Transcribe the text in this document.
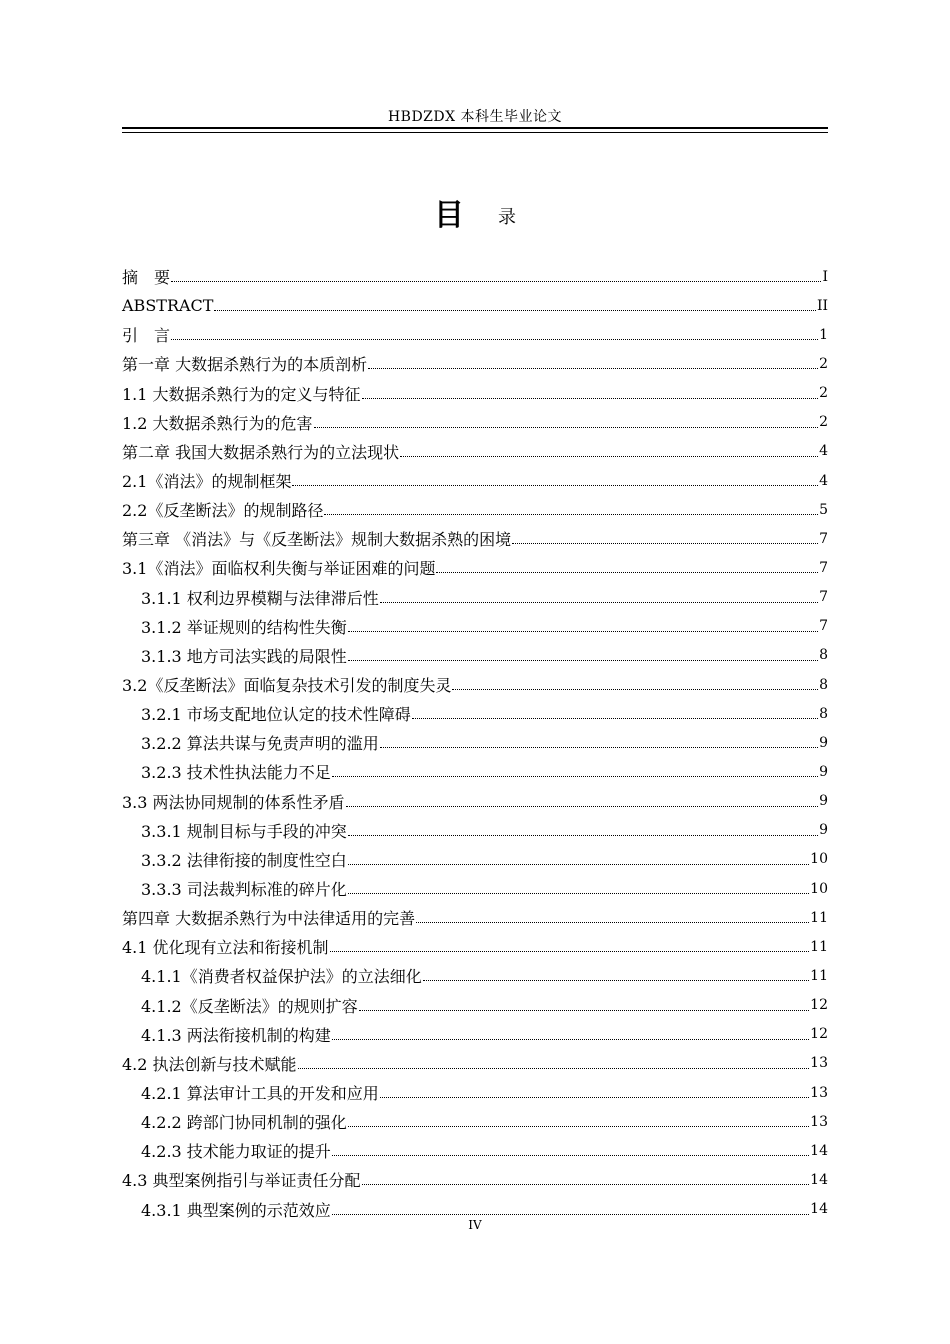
HBDZDX 本科生毕业论文
目 录
摘　要	I
ABSTRACT	II
引　言	1
第一章 大数据杀熟行为的本质剖析	2
1.1 大数据杀熟行为的定义与特征	2
1.2 大数据杀熟行为的危害	2
第二章 我国大数据杀熟行为的立法现状	4
2.1《消法》的规制框架	4
2.2《反垄断法》的规制路径	5
第三章 《消法》与《反垄断法》规制大数据杀熟的困境	7
3.1《消法》面临权利失衡与举证困难的问题	7
3.1.1 权利边界模糊与法律滞后性	7
3.1.2 举证规则的结构性失衡	7
3.1.3 地方司法实践的局限性	8
3.2《反垄断法》面临复杂技术引发的制度失灵	8
3.2.1 市场支配地位认定的技术性障碍	8
3.2.2 算法共谋与免责声明的滥用	9
3.2.3 技术性执法能力不足	9
3.3 两法协同规制的体系性矛盾	9
3.3.1 规制目标与手段的冲突	9
3.3.2 法律衔接的制度性空白	10
3.3.3 司法裁判标准的碎片化	10
第四章 大数据杀熟行为中法律适用的完善	11
4.1 优化现有立法和衔接机制	11
4.1.1《消费者权益保护法》的立法细化	11
4.1.2《反垄断法》的规则扩容	12
4.1.3 两法衔接机制的构建	12
4.2 执法创新与技术赋能	13
4.2.1 算法审计工具的开发和应用	13
4.2.2 跨部门协同机制的强化	13
4.2.3 技术能力取证的提升	14
4.3 典型案例指引与举证责任分配	14
4.3.1 典型案例的示范效应	14
IV
